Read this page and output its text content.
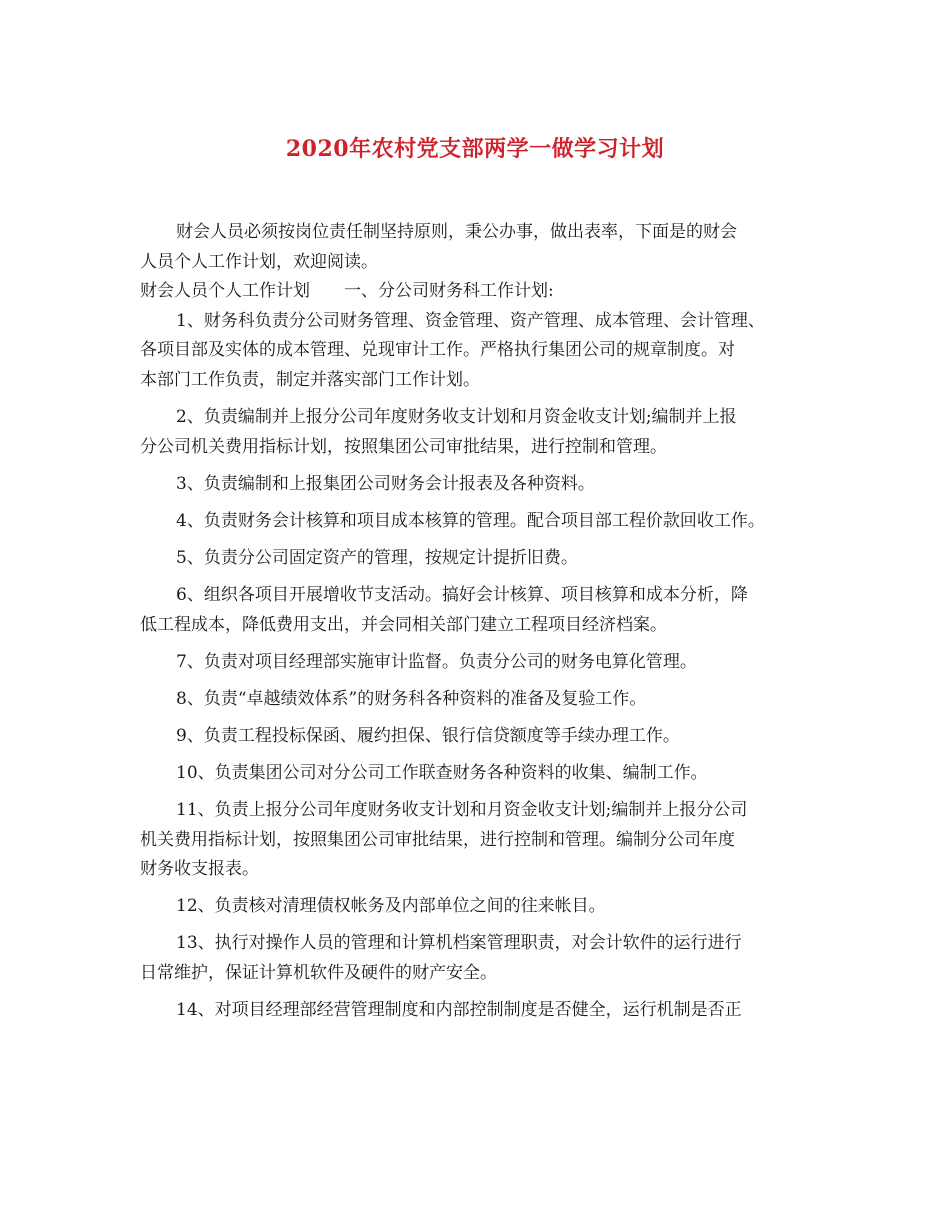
2020年农村党支部两学一做学习计划
财会人员必须按岗位责任制坚持原则，秉公办事，做出表率，下面是的财会
人员个人工作计划，欢迎阅读。
财会人员个人工作计划　　一、分公司财务科工作计划:
1、财务科负责分公司财务管理、资金管理、资产管理、成本管理、会计管理、
各项目部及实体的成本管理、兑现审计工作。严格执行集团公司的规章制度。对
本部门工作负责，制定并落实部门工作计划。
2、负责编制并上报分公司年度财务收支计划和月资金收支计划;编制并上报
分公司机关费用指标计划，按照集团公司审批结果，进行控制和管理。
3、负责编制和上报集团公司财务会计报表及各种资料。
4、负责财务会计核算和项目成本核算的管理。配合项目部工程价款回收工作。
5、负责分公司固定资产的管理，按规定计提折旧费。
6、组织各项目开展增收节支活动。搞好会计核算、项目核算和成本分析，降
低工程成本，降低费用支出，并会同相关部门建立工程项目经济档案。
7、负责对项目经理部实施审计监督。负责分公司的财务电算化管理。
8、负责“卓越绩效体系”的财务科各种资料的准备及复验工作。
9、负责工程投标保函、履约担保、银行信贷额度等手续办理工作。
10、负责集团公司对分公司工作联查财务各种资料的收集、编制工作。
11、负责上报分公司年度财务收支计划和月资金收支计划;编制并上报分公司
机关费用指标计划，按照集团公司审批结果，进行控制和管理。编制分公司年度
财务收支报表。
12、负责核对清理债权帐务及内部单位之间的往来帐目。
13、执行对操作人员的管理和计算机档案管理职责，对会计软件的运行进行
日常维护，保证计算机软件及硬件的财产安全。
14、对项目经理部经营管理制度和内部控制制度是否健全，运行机制是否正
